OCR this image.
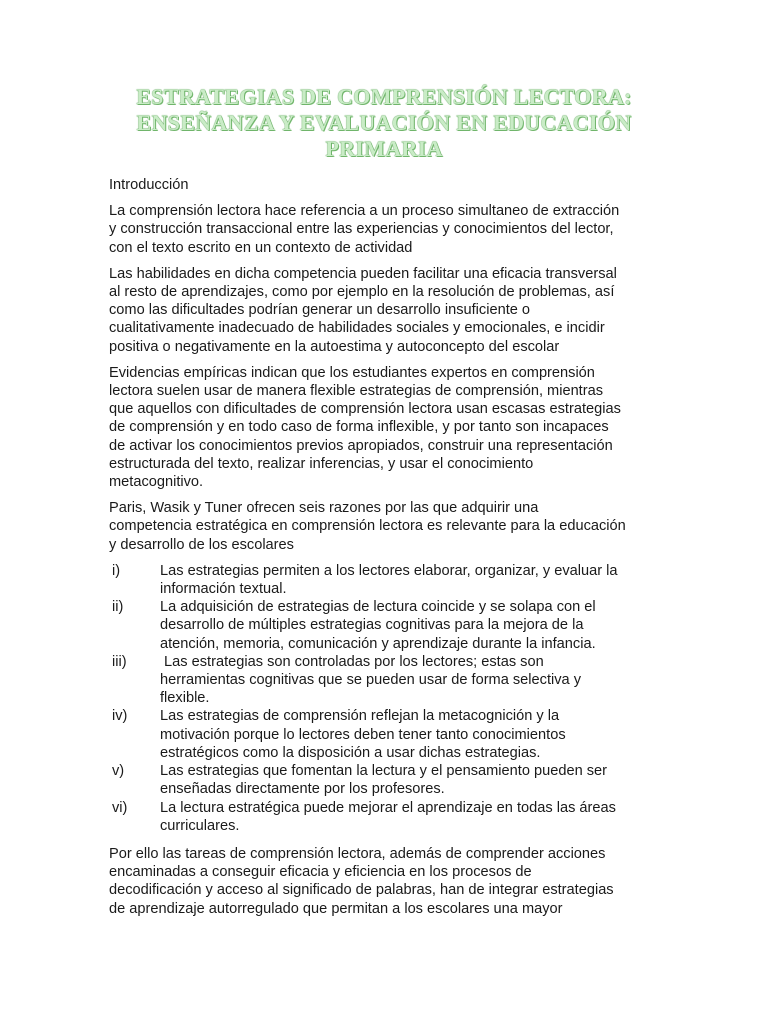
ESTRATEGIAS DE COMPRENSIÓN LECTORA:
ENSEÑANZA Y EVALUACIÓN EN EDUCACIÓN
PRIMARIA
Introducción
La comprensión lectora hace referencia a un proceso simultaneo de extracción
y construcción transaccional entre las experiencias y conocimientos del lector,
con el texto escrito en un contexto de actividad
Las habilidades en dicha competencia pueden facilitar una eficacia transversal
al resto de aprendizajes, como por ejemplo en la resolución de problemas, así
como las dificultades podrían generar un desarrollo insuficiente o
cualitativamente inadecuado de habilidades sociales y emocionales, e incidir
positiva o negativamente en la autoestima y autoconcepto del escolar
Evidencias empíricas indican que los estudiantes expertos en comprensión
lectora suelen usar de manera flexible estrategias de comprensión, mientras
que aquellos con dificultades de comprensión lectora usan escasas estrategias
de comprensión y en todo caso de forma inflexible, y por tanto son incapaces
de activar los conocimientos previos apropiados, construir una representación
estructurada del texto, realizar inferencias, y usar el conocimiento
metacognitivo.
Paris, Wasik y Tuner ofrecen seis razones por las que adquirir una
competencia estratégica en comprensión lectora es relevante para la educación
y desarrollo de los escolares
i)	Las estrategias permiten a los lectores elaborar, organizar, y evaluar la
información textual.
ii)	La adquisición de estrategias de lectura coincide y se solapa con el
desarrollo de múltiples estrategias cognitivas para la mejora de la
atención, memoria, comunicación y aprendizaje durante la infancia.
iii) Las estrategias son controladas por los lectores; estas son
herramientas cognitivas que se pueden usar de forma selectiva y
flexible.
iv) Las estrategias de comprensión reflejan la metacognición y la
motivación porque lo lectores deben tener tanto conocimientos
estratégicos como la disposición a usar dichas estrategias.
v) Las estrategias que fomentan la lectura y el pensamiento pueden ser
enseñadas directamente por los profesores.
vi) La lectura estratégica puede mejorar el aprendizaje en todas las áreas
curriculares.
Por ello las tareas de comprensión lectora, además de comprender acciones
encaminadas a conseguir eficacia y eficiencia en los procesos de
decodificación y acceso al significado de palabras, han de integrar estrategias
de aprendizaje autorregulado que permitan a los escolares una mayor
